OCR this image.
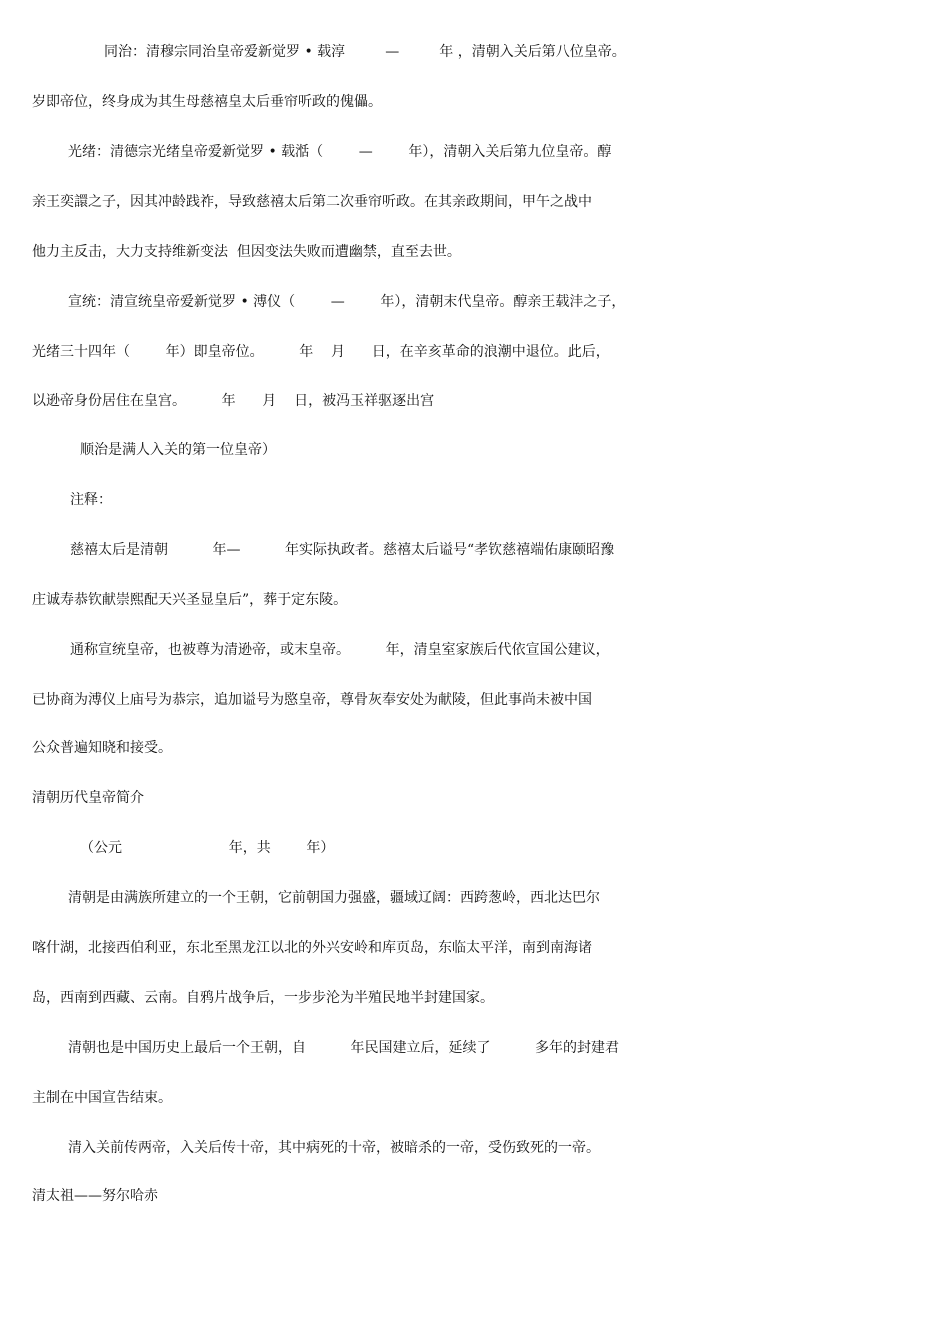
同治：清穆宗同治皇帝爱新觉罗 • 载淳         —         年 ，清朝入关后第八位皇帝。
岁即帝位，终身成为其生母慈禧皇太后垂帘听政的傀儡。
光绪：清德宗光绪皇帝爱新觉罗 • 载湉（        —        年），清朝入关后第九位皇帝。醇
亲王奕譞之子，因其冲龄践祚，导致慈禧太后第二次垂帘听政。在其亲政期间，甲午之战中
他力主反击，大力支持维新变法  但因变法失败而遭幽禁，直至去世。
宣统：清宣统皇帝爱新觉罗 • 溥仪（        —        年），清朝末代皇帝。醇亲王载沣之子，
光绪三十四年（        年）即皇帝位。        年    月      日，在辛亥革命的浪潮中退位。此后，
以逊帝身份居住在皇宫。        年      月    日，被冯玉祥驱逐出宫
顺治是满人入关的第一位皇帝）
注释：
慈禧太后是清朝          年—          年实际执政者。慈禧太后谥号“孝钦慈禧端佑康颐昭豫
庄诚寿恭钦献崇熙配天兴圣显皇后”，葬于定东陵。
通称宣统皇帝，也被尊为清逊帝，或末皇帝。        年，清皇室家族后代依宣国公建议，
已协商为溥仪上庙号为恭宗，追加谥号为愍皇帝，尊骨灰奉安处为献陵，但此事尚未被中国
公众普遍知晓和接受。
清朝历代皇帝简介
（公元                        年，共        年）
清朝是由满族所建立的一个王朝，它前朝国力强盛，疆域辽阔：西跨葱岭，西北达巴尔
喀什湖，北接西伯利亚，东北至黑龙江以北的外兴安岭和库页岛，东临太平洋，南到南海诸
岛，西南到西藏、云南。自鸦片战争后，一步步沦为半殖民地半封建国家。
清朝也是中国历史上最后一个王朝，自          年民国建立后，延续了          多年的封建君
主制在中国宣告结束。
清入关前传两帝，入关后传十帝，其中病死的十帝，被暗杀的一帝，受伤致死的一帝。
清太祖——努尔哈赤
